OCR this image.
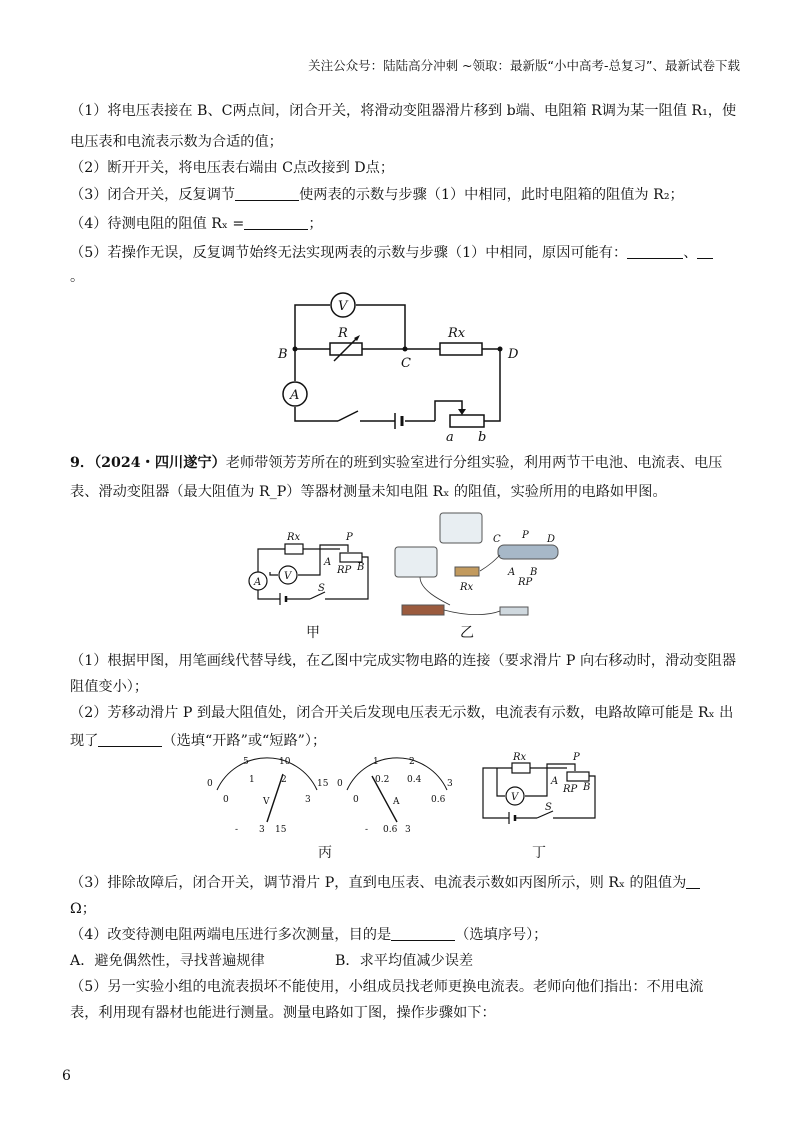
关注公众号：陆陆高分冲刺 ~领取：最新版“小中高考-总复习”、最新试卷下载
（1）将电压表接在 B、C两点间，闭合开关，将滑动变阻器滑片移到 b端、电阻箱 R调为某一阻值 R₁，使
电压表和电流表示数为合适的值；
（2）断开开关，将电压表右端由 C点改接到 D点；
（3）闭合开关，反复调节	使两表的示数与步骤（1）中相同，此时电阻箱的阻值为 R₂；
（4）待测电阻的阻值 Rₓ =	；
（5）若操作无误，反复调节始终无法实现两表的示数与步骤（1）中相同，原因可能有：	、
。
V
A
R	Rx
B
C
D
a b
9．（2024・四川遂宁）老师带领芳芳所在的班到实验室进行分组实验，利用两节干电池、电流表、电压
表、滑动变阻器（最大阻值为 R_P）等器材测量未知电阻 Rₓ 的阻值，实验所用的电路如甲图。
Rx	P
A	B
RP
S
V
A
甲
C P D
A B
RP
Rx
乙
（1）根据甲图，用笔画线代替导线，在乙图中完成实物电路的连接（要求滑片 P 向右移动时，滑动变阻器
阻值变小）；
（2）芳移动滑片 P 到最大阻值处，闭合开关后发现电压表无示数，电流表有示数，电路故障可能是 Rₓ 出
现了	（选填“开路”或“短路”）；
0
5	10
15
0
1	2
3
V
0
1	2
3
0
0.2 0.4
0.6
A
- 3 15	- 0.6 3
丙
Rx	P
A
B
RP
S
V
丁
（3）排除故障后，闭合开关，调节滑片 P，直到电压表、电流表示数如丙图所示，则 Rₓ 的阻值为
Ω；
（4）改变待测电阻两端电压进行多次测量，目的是	（选填序号）；
A．避免偶然性，寻找普遍规律	B．求平均值减少误差
（5）另一实验小组的电流表损坏不能使用，小组成员找老师更换电流表。老师向他们指出：不用电流
表，利用现有器材也能进行测量。测量电路如丁图，操作步骤如下：
6
